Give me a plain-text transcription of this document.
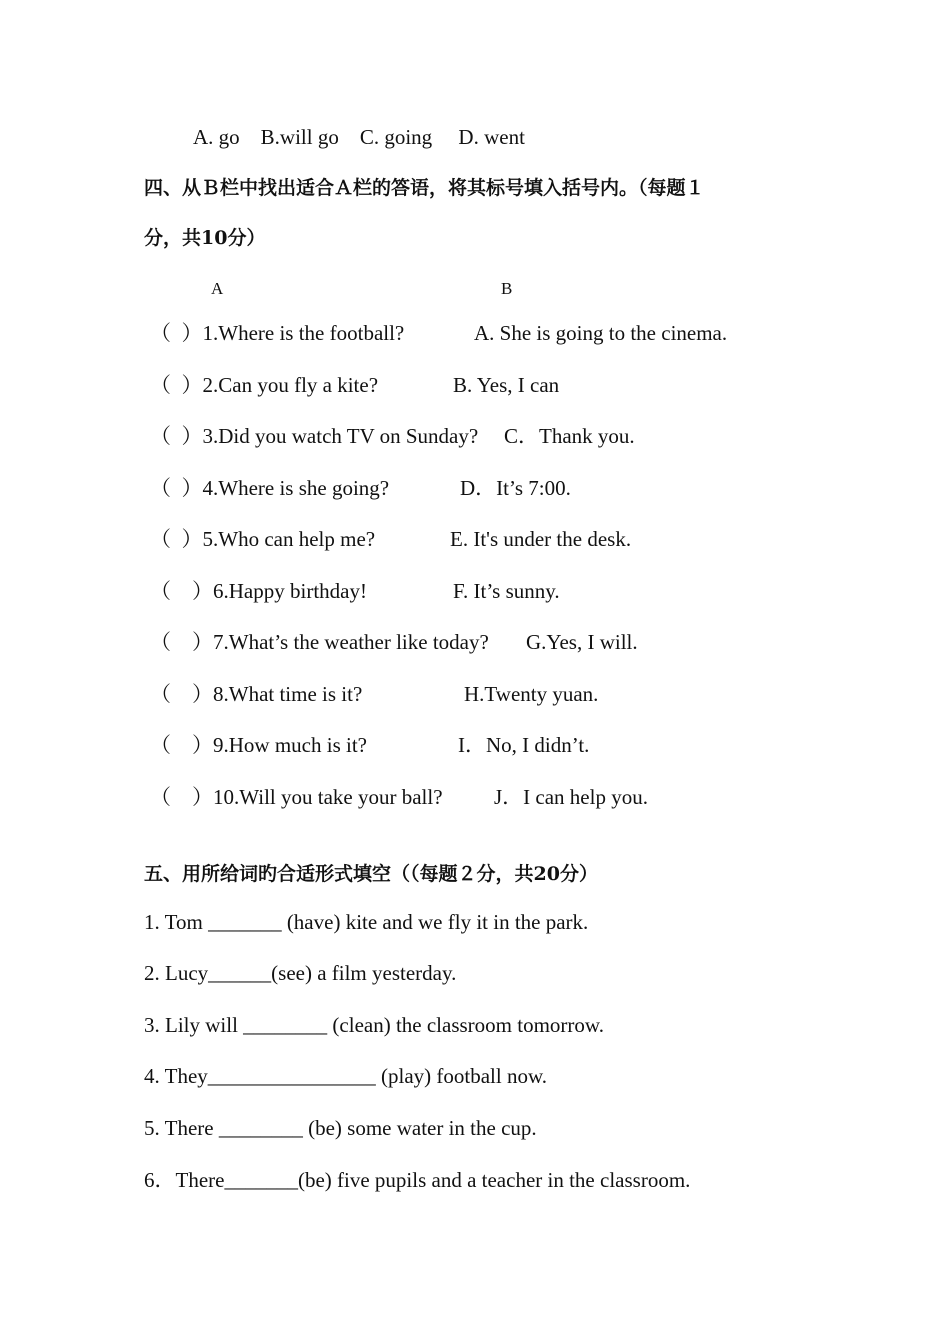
A. go    B.will go    C. going     D. went
四、从Ｂ栏中找出适合Ａ栏的答语，将其标号填入括号内。（每题１
分，共10分）
A	B
（  ）1.Where is the football?	A. She is going to the cinema.
（  ）2.Can you fly a kite?	B. Yes, I can
（  ）3.Did you watch TV on Sunday? C．Thank you.
（  ）4.Where is she going?	D．It’s 7:00.
（  ）5.Who can help me?	E. It's under the desk.
（    ）6.Happy birthday!	F. It’s sunny.
（    ）7.What’s the weather like today? G.Yes, I will.
（    ）8.What time is it?	H.Twenty yuan.
（    ）9.How much is it?	I．No, I didn’t.
（    ）10.Will you take your ball? J．I can help you.
五、用所给词旳合适形式填空（（每题２分，共20分）
1. Tom _______ (have) kite and we fly it in the park.
2. Lucy______(see) a film yesterday.
3. Lily will ________ (clean) the classroom tomorrow.
4. They________________ (play) football now.
5. There ________ (be) some water in the cup.
6．There_______(be) five pupils and a teacher in the classroom.
